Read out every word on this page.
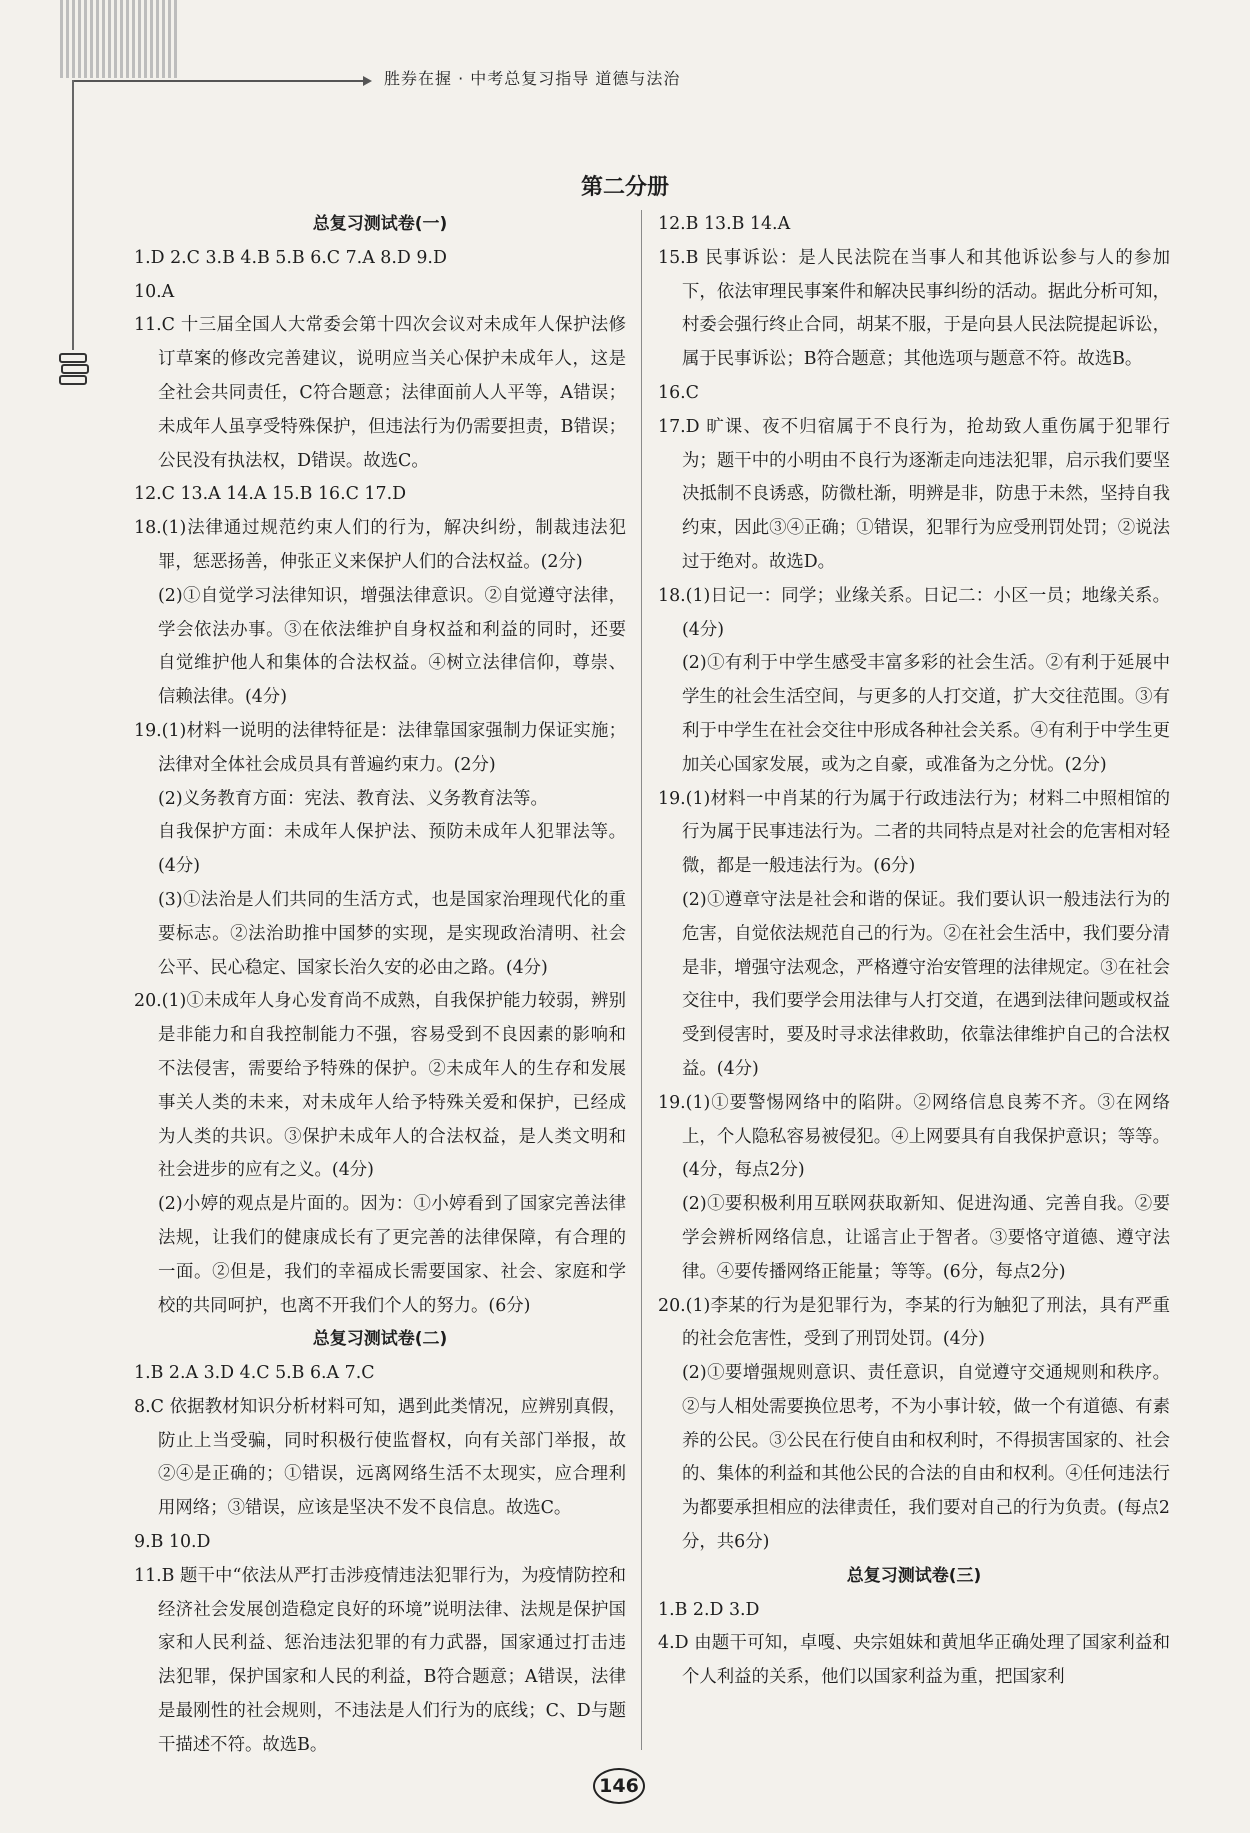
胜券在握 · 中考总复习指导 道德与法治
第二分册
总复习测试卷(一)
1.D 2.C 3.B 4.B 5.B 6.C 7.A 8.D 9.D
10.A
11.C 十三届全国人大常委会第十四次会议对未成年人保护法修订草案的修改完善建议，说明应当关心保护未成年人，这是全社会共同责任，C符合题意；法律面前人人平等，A错误；未成年人虽享受特殊保护，但违法行为仍需要担责，B错误；公民没有执法权，D错误。故选C。
12.C 13.A 14.A 15.B 16.C 17.D
18.(1)法律通过规范约束人们的行为，解决纠纷，制裁违法犯罪，惩恶扬善，伸张正义来保护人们的合法权益。(2分)
(2)①自觉学习法律知识，增强法律意识。②自觉遵守法律，学会依法办事。③在依法维护自身权益和利益的同时，还要自觉维护他人和集体的合法权益。④树立法律信仰，尊崇、信赖法律。(4分)
19.(1)材料一说明的法律特征是：法律靠国家强制力保证实施；法律对全体社会成员具有普遍约束力。(2分)
(2)义务教育方面：宪法、教育法、义务教育法等。
自我保护方面：未成年人保护法、预防未成年人犯罪法等。(4分)
(3)①法治是人们共同的生活方式，也是国家治理现代化的重要标志。②法治助推中国梦的实现，是实现政治清明、社会公平、民心稳定、国家长治久安的必由之路。(4分)
20.(1)①未成年人身心发育尚不成熟，自我保护能力较弱，辨别是非能力和自我控制能力不强，容易受到不良因素的影响和不法侵害，需要给予特殊的保护。②未成年人的生存和发展事关人类的未来，对未成年人给予特殊关爱和保护，已经成为人类的共识。③保护未成年人的合法权益，是人类文明和社会进步的应有之义。(4分)
(2)小婷的观点是片面的。因为：①小婷看到了国家完善法律法规，让我们的健康成长有了更完善的法律保障，有合理的一面。②但是，我们的幸福成长需要国家、社会、家庭和学校的共同呵护，也离不开我们个人的努力。(6分)
总复习测试卷(二)
1.B 2.A 3.D 4.C 5.B 6.A 7.C
8.C 依据教材知识分析材料可知，遇到此类情况，应辨别真假，防止上当受骗，同时积极行使监督权，向有关部门举报，故②④是正确的；①错误，远离网络生活不太现实，应合理利用网络；③错误，应该是坚决不发不良信息。故选C。
9.B 10.D
11.B 题干中“依法从严打击涉疫情违法犯罪行为，为疫情防控和经济社会发展创造稳定良好的环境”说明法律、法规是保护国家和人民利益、惩治违法犯罪的有力武器，国家通过打击违法犯罪，保护国家和人民的利益，B符合题意；A错误，法律是最刚性的社会规则，不违法是人们行为的底线；C、D与题干描述不符。故选B。
12.B 13.B 14.A
15.B 民事诉讼：是人民法院在当事人和其他诉讼参与人的参加下，依法审理民事案件和解决民事纠纷的活动。据此分析可知，村委会强行终止合同，胡某不服，于是向县人民法院提起诉讼，属于民事诉讼；B符合题意；其他选项与题意不符。故选B。
16.C
17.D 旷课、夜不归宿属于不良行为，抢劫致人重伤属于犯罪行为；题干中的小明由不良行为逐渐走向违法犯罪，启示我们要坚决抵制不良诱惑，防微杜渐，明辨是非，防患于未然，坚持自我约束，因此③④正确；①错误，犯罪行为应受刑罚处罚；②说法过于绝对。故选D。
18.(1)日记一：同学；业缘关系。日记二：小区一员；地缘关系。(4分)
(2)①有利于中学生感受丰富多彩的社会生活。②有利于延展中学生的社会生活空间，与更多的人打交道，扩大交往范围。③有利于中学生在社会交往中形成各种社会关系。④有利于中学生更加关心国家发展，或为之自豪，或准备为之分忧。(2分)
19.(1)材料一中肖某的行为属于行政违法行为；材料二中照相馆的行为属于民事违法行为。二者的共同特点是对社会的危害相对轻微，都是一般违法行为。(6分)
(2)①遵章守法是社会和谐的保证。我们要认识一般违法行为的危害，自觉依法规范自己的行为。②在社会生活中，我们要分清是非，增强守法观念，严格遵守治安管理的法律规定。③在社会交往中，我们要学会用法律与人打交道，在遇到法律问题或权益受到侵害时，要及时寻求法律救助，依靠法律维护自己的合法权益。(4分)
19.(1)①要警惕网络中的陷阱。②网络信息良莠不齐。③在网络上，个人隐私容易被侵犯。④上网要具有自我保护意识；等等。(4分，每点2分)
(2)①要积极利用互联网获取新知、促进沟通、完善自我。②要学会辨析网络信息，让谣言止于智者。③要恪守道德、遵守法律。④要传播网络正能量；等等。(6分，每点2分)
20.(1)李某的行为是犯罪行为，李某的行为触犯了刑法，具有严重的社会危害性，受到了刑罚处罚。(4分)
(2)①要增强规则意识、责任意识，自觉遵守交通规则和秩序。②与人相处需要换位思考，不为小事计较，做一个有道德、有素养的公民。③公民在行使自由和权利时，不得损害国家的、社会的、集体的利益和其他公民的合法的自由和权利。④任何违法行为都要承担相应的法律责任，我们要对自己的行为负责。(每点2分，共6分)
总复习测试卷(三)
1.B 2.D 3.D
4.D 由题干可知，卓嘎、央宗姐妹和黄旭华正确处理了国家利益和个人利益的关系，他们以国家利益为重，把国家利
146
